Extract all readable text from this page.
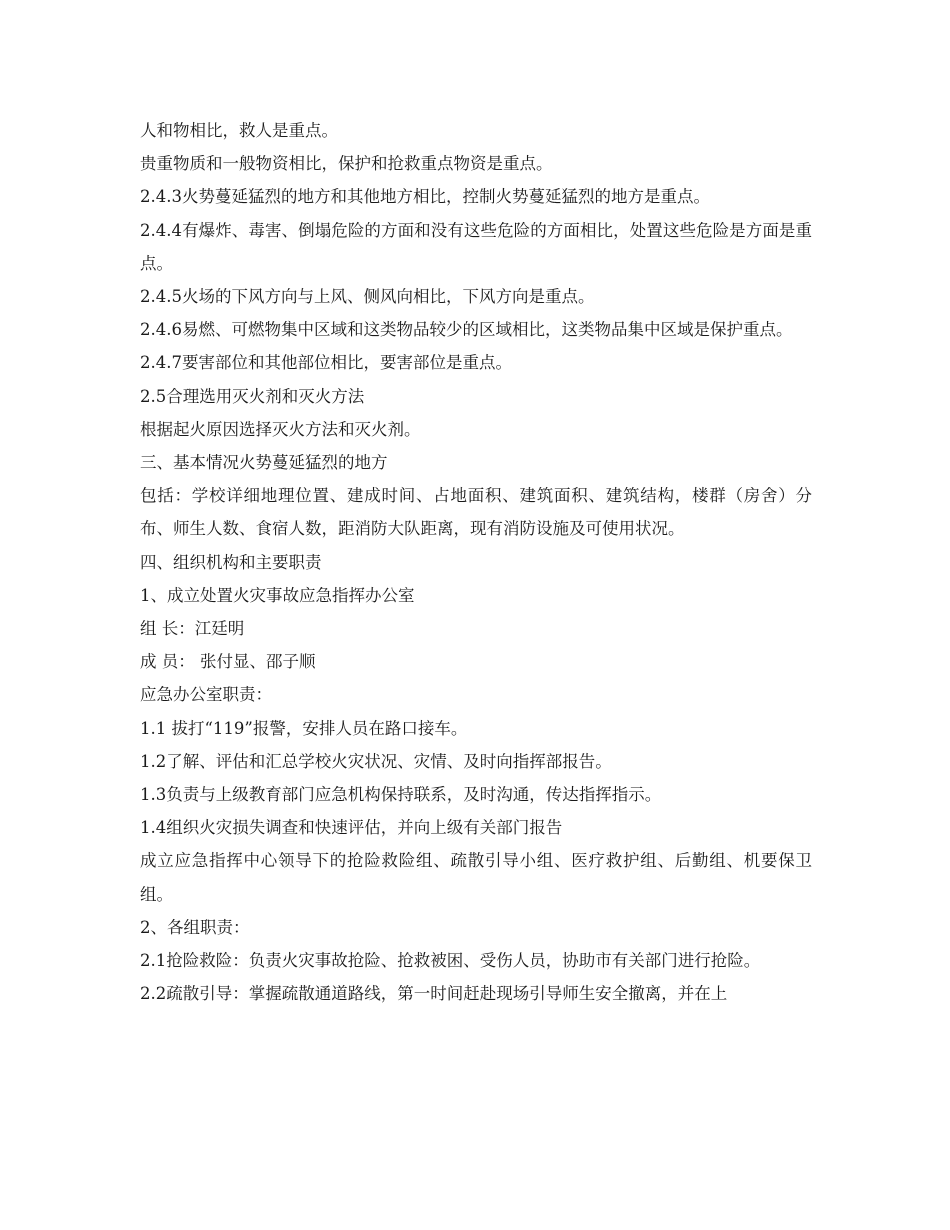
人和物相比，救人是重点。

贵重物质和一般物资相比，保护和抢救重点物资是重点。

2.4.3火势蔓延猛烈的地方和其他地方相比，控制火势蔓延猛烈的地方是重点。

2.4.4有爆炸、毒害、倒塌危险的方面和没有这些危险的方面相比，处置这些危险是方面是重点。

2.4.5火场的下风方向与上风、侧风向相比，下风方向是重点。

2.4.6易燃、可燃物集中区域和这类物品较少的区域相比，这类物品集中区域是保护重点。

2.4.7要害部位和其他部位相比，要害部位是重点。

2.5合理选用灭火剂和灭火方法

根据起火原因选择灭火方法和灭火剂。

三、基本情况火势蔓延猛烈的地方

包括：学校详细地理位置、建成时间、占地面积、建筑面积、建筑结构，楼群（房舍）分布、师生人数、食宿人数，距消防大队距离，现有消防设施及可使用状况。

四、组织机构和主要职责

1、成立处置火灾事故应急指挥办公室

组 长：江廷明

成 员： 张付显、邵子顺

应急办公室职责：

1.1 拔打“119”报警，安排人员在路口接车。

1.2了解、评估和汇总学校火灾状况、灾情、及时向指挥部报告。

1.3负责与上级教育部门应急机构保持联系，及时沟通，传达指挥指示。

1.4组织火灾损失调查和快速评估，并向上级有关部门报告

成立应急指挥中心领导下的抢险救险组、疏散引导小组、医疗救护组、后勤组、机要保卫组。

2、各组职责：

2.1抢险救险：负责火灾事故抢险、抢救被困、受伤人员，协助市有关部门进行抢险。

2.2疏散引导：掌握疏散通道路线，第一时间赶赴现场引导师生安全撤离，并在上
